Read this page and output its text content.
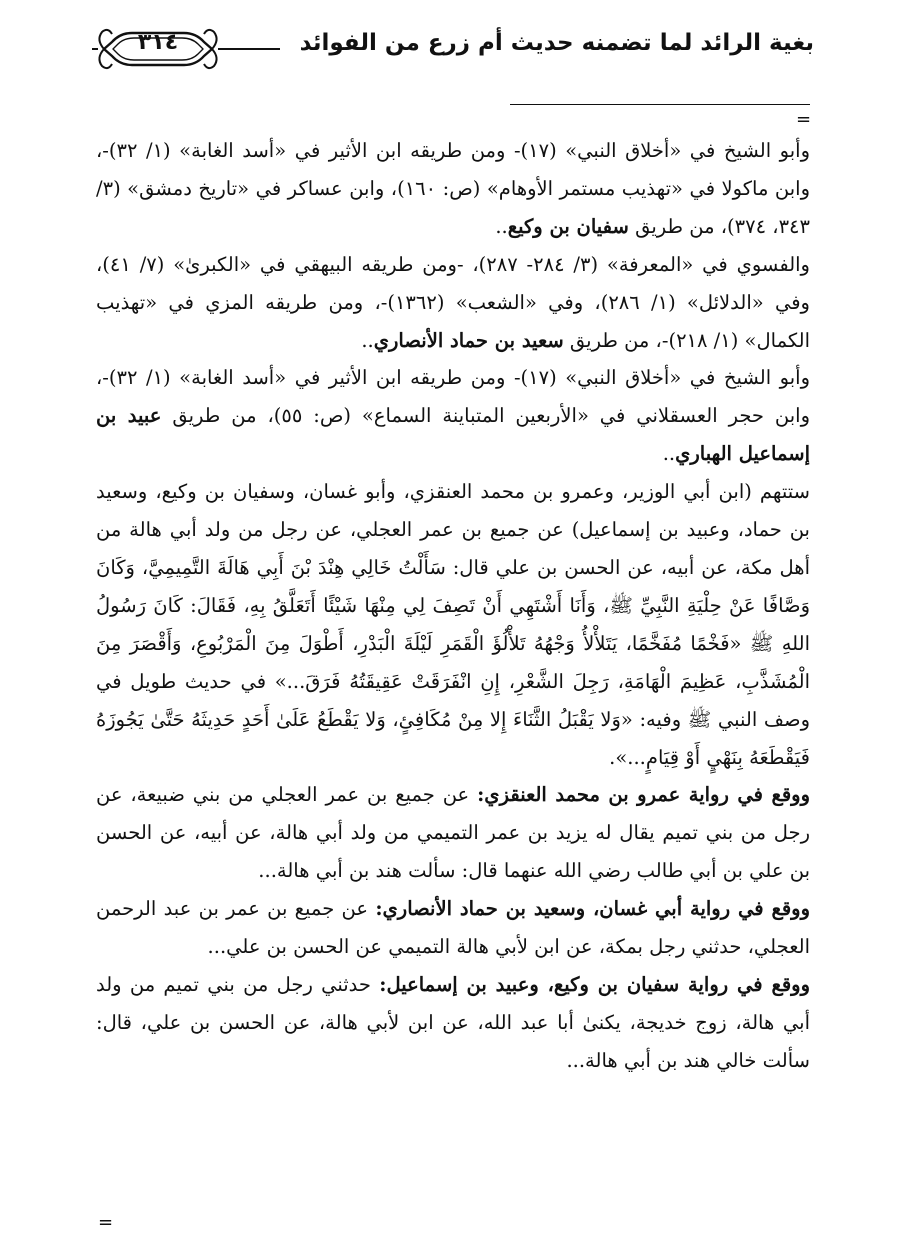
٣١٤	بغية الرائد لما تضمنه حديث أم زرع من الفوائد
=

وأبو الشيخ في «أخلاق النبي» (١٧)- ومن طريقه ابن الأثير في «أسد الغابة» (١/ ٣٢)-، وابن ماكولا في «تهذيب مستمر الأوهام» (ص: ١٦٠)، وابن عساكر في «تاريخ دمشق» (٣/ ٣٤٣، ٣٧٤)، من طريق سفيان بن وكيع..

والفسوي في «المعرفة» (٣/ ٢٨٤- ٢٨٧)، -ومن طريقه البيهقي في «الكبرىٰ» (٧/ ٤١)، وفي «الدلائل» (١/ ٢٨٦)، وفي «الشعب» (١٣٦٢)-، ومن طريقه المزي في «تهذيب الكمال» (١/ ٢١٨)-، من طريق سعيد بن حماد الأنصاري..

وأبو الشيخ في «أخلاق النبي» (١٧)- ومن طريقه ابن الأثير في «أسد الغابة» (١/ ٣٢)-، وابن حجر العسقلاني في «الأربعين المتباينة السماع» (ص: ٥٥)، من طريق عبيد بن إسماعيل الهباري..

ستتهم (ابن أبي الوزير، وعمرو بن محمد العنقزي، وأبو غسان، وسفيان بن وكيع، وسعيد بن حماد، وعبيد بن إسماعيل) عن جميع بن عمر العجلي، عن رجل من ولد أبي هالة من أهل مكة، عن أبيه، عن الحسن بن علي قال: سَأَلْتُ خَالِي هِنْدَ بْنَ أَبِي هَالَةَ التَّمِيمِيَّ، وَكَانَ وَصَّافًا عَنْ حِلْيَةِ النَّبِيِّ ﷺ، وَأَنَا أَشْتَهِي أَنْ تَصِفَ لِي مِنْهَا شَيْئًا أَتَعَلَّقُ بِهِ، فَقَالَ: كَانَ رَسُولُ اللهِ ﷺ «فَخْمًا مُفَخَّمًا، يَتَلأْلأُ وَجْهُهُ تَلأْلُؤَ الْقَمَرِ لَيْلَةَ الْبَدْرِ، أَطْوَلَ مِنَ الْمَرْبُوعِ، وَأَقْصَرَ مِنَ الْمُشَذَّبِ، عَظِيمَ الْهَامَةِ، رَجِلَ الشَّعْرِ، إِنِ انْفَرَقَتْ عَقِيقَتُهُ فَرَقَ...» في حديث طويل في وصف النبي ﷺ وفيه: «وَلا يَقْبَلُ الثَّنَاءَ إِلا مِنْ مُكَافِئٍ، وَلا يَقْطَعُ عَلَىٰ أَحَدٍ حَدِيثَهُ حَتَّىٰ يَجُوزَهُ فَيَقْطَعَهُ بِنَهْيٍ أَوْ قِيَامٍ...».

ووقع في رواية عمرو بن محمد العنقزي: عن جميع بن عمر العجلي من بني ضبيعة، عن رجل من بني تميم يقال له يزيد بن عمر التميمي من ولد أبي هالة، عن أبيه، عن الحسن بن علي بن أبي طالب رضي الله عنهما قال: سألت هند بن أبي هالة...

ووقع في رواية أبي غسان، وسعيد بن حماد الأنصاري: عن جميع بن عمر بن عبد الرحمن العجلي، حدثني رجل بمكة، عن ابن لأبي هالة التميمي عن الحسن بن علي...

ووقع في رواية سفيان بن وكيع، وعبيد بن إسماعيل: حدثني رجل من بني تميم من ولد أبي هالة، زوج خديجة، يكنىٰ أبا عبد الله، عن ابن لأبي هالة، عن الحسن بن علي، قال: سألت خالي هند بن أبي هالة...

=
